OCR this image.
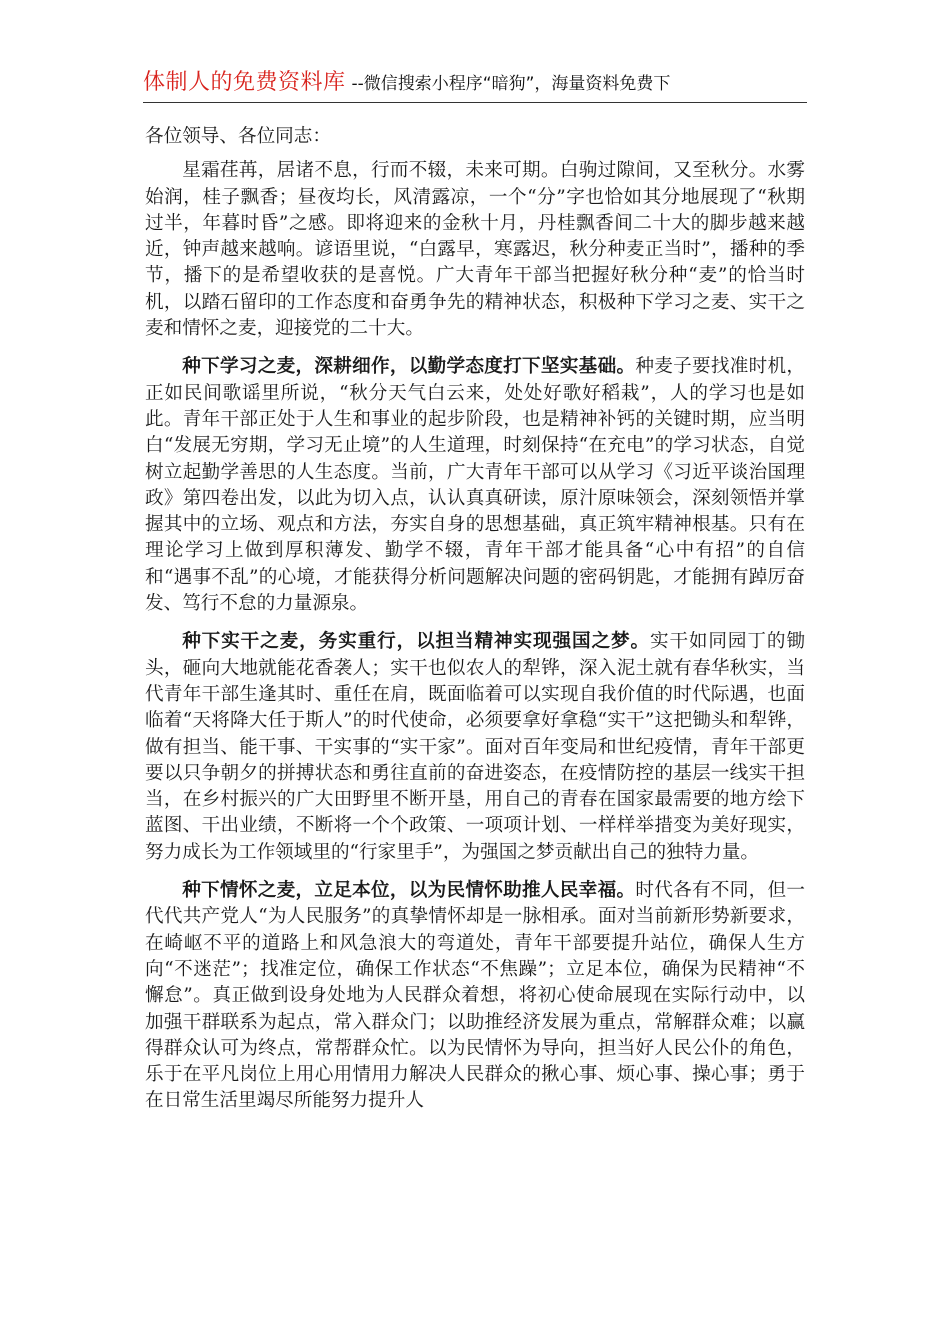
体制人的免费资料库 --微信搜索小程序“暗狗”，海量资料免费下

各位领导、各位同志：

星霜荏苒，居诸不息，行而不辍，未来可期。白驹过隙间，又至秋分。水雾始润，桂子飘香；昼夜均长，风清露凉，一个“分”字也恰如其分地展现了“秋期过半，年暮时昏”之感。即将迎来的金秋十月，丹桂飘香间二十大的脚步越来越近，钟声越来越响。谚语里说，“白露早，寒露迟，秋分种麦正当时”，播种的季节，播下的是希望收获的是喜悦。广大青年干部当把握好秋分种“麦”的恰当时机，以踏石留印的工作态度和奋勇争先的精神状态，积极种下学习之麦、实干之麦和情怀之麦，迎接党的二十大。

种下学习之麦，深耕细作，以勤学态度打下坚实基础。种麦子要找准时机，正如民间歌谣里所说，“秋分天气白云来，处处好歌好稻栽”，人的学习也是如此。青年干部正处于人生和事业的起步阶段，也是精神补钙的关键时期，应当明白“发展无穷期，学习无止境”的人生道理，时刻保持“在充电”的学习状态，自觉树立起勤学善思的人生态度。当前，广大青年干部可以从学习《习近平谈治国理政》第四卷出发，以此为切入点，认认真真研读，原汁原味领会，深刻领悟并掌握其中的立场、观点和方法，夯实自身的思想基础，真正筑牢精神根基。只有在理论学习上做到厚积薄发、勤学不辍，青年干部才能具备“心中有招”的自信和“遇事不乱”的心境，才能获得分析问题解决问题的密码钥匙，才能拥有踔厉奋发、笃行不怠的力量源泉。

种下实干之麦，务实重行，以担当精神实现强国之梦。实干如同园丁的锄头，砸向大地就能花香袭人；实干也似农人的犁铧，深入泥土就有春华秋实，当代青年干部生逢其时、重任在肩，既面临着可以实现自我价值的时代际遇，也面临着“天将降大任于斯人”的时代使命，必须要拿好拿稳“实干”这把锄头和犁铧，做有担当、能干事、干实事的“实干家”。面对百年变局和世纪疫情，青年干部更要以只争朝夕的拼搏状态和勇往直前的奋进姿态，在疫情防控的基层一线实干担当，在乡村振兴的广大田野里不断开垦，用自己的青春在国家最需要的地方绘下蓝图、干出业绩，不断将一个个政策、一项项计划、一样样举措变为美好现实，努力成长为工作领域里的“行家里手”，为强国之梦贡献出自己的独特力量。

种下情怀之麦，立足本位，以为民情怀助推人民幸福。时代各有不同，但一代代共产党人“为人民服务”的真挚情怀却是一脉相承。面对当前新形势新要求，在崎岖不平的道路上和风急浪大的弯道处，青年干部要提升站位，确保人生方向“不迷茫”；找准定位，确保工作状态“不焦躁”；立足本位，确保为民精神“不懈怠”。真正做到设身处地为人民群众着想，将初心使命展现在实际行动中，以加强干群联系为起点，常入群众门；以助推经济发展为重点，常解群众难；以赢得群众认可为终点，常帮群众忙。以为民情怀为导向，担当好人民公仆的角色，乐于在平凡岗位上用心用情用力解决人民群众的揪心事、烦心事、操心事；勇于在日常生活里竭尽所能努力提升人
